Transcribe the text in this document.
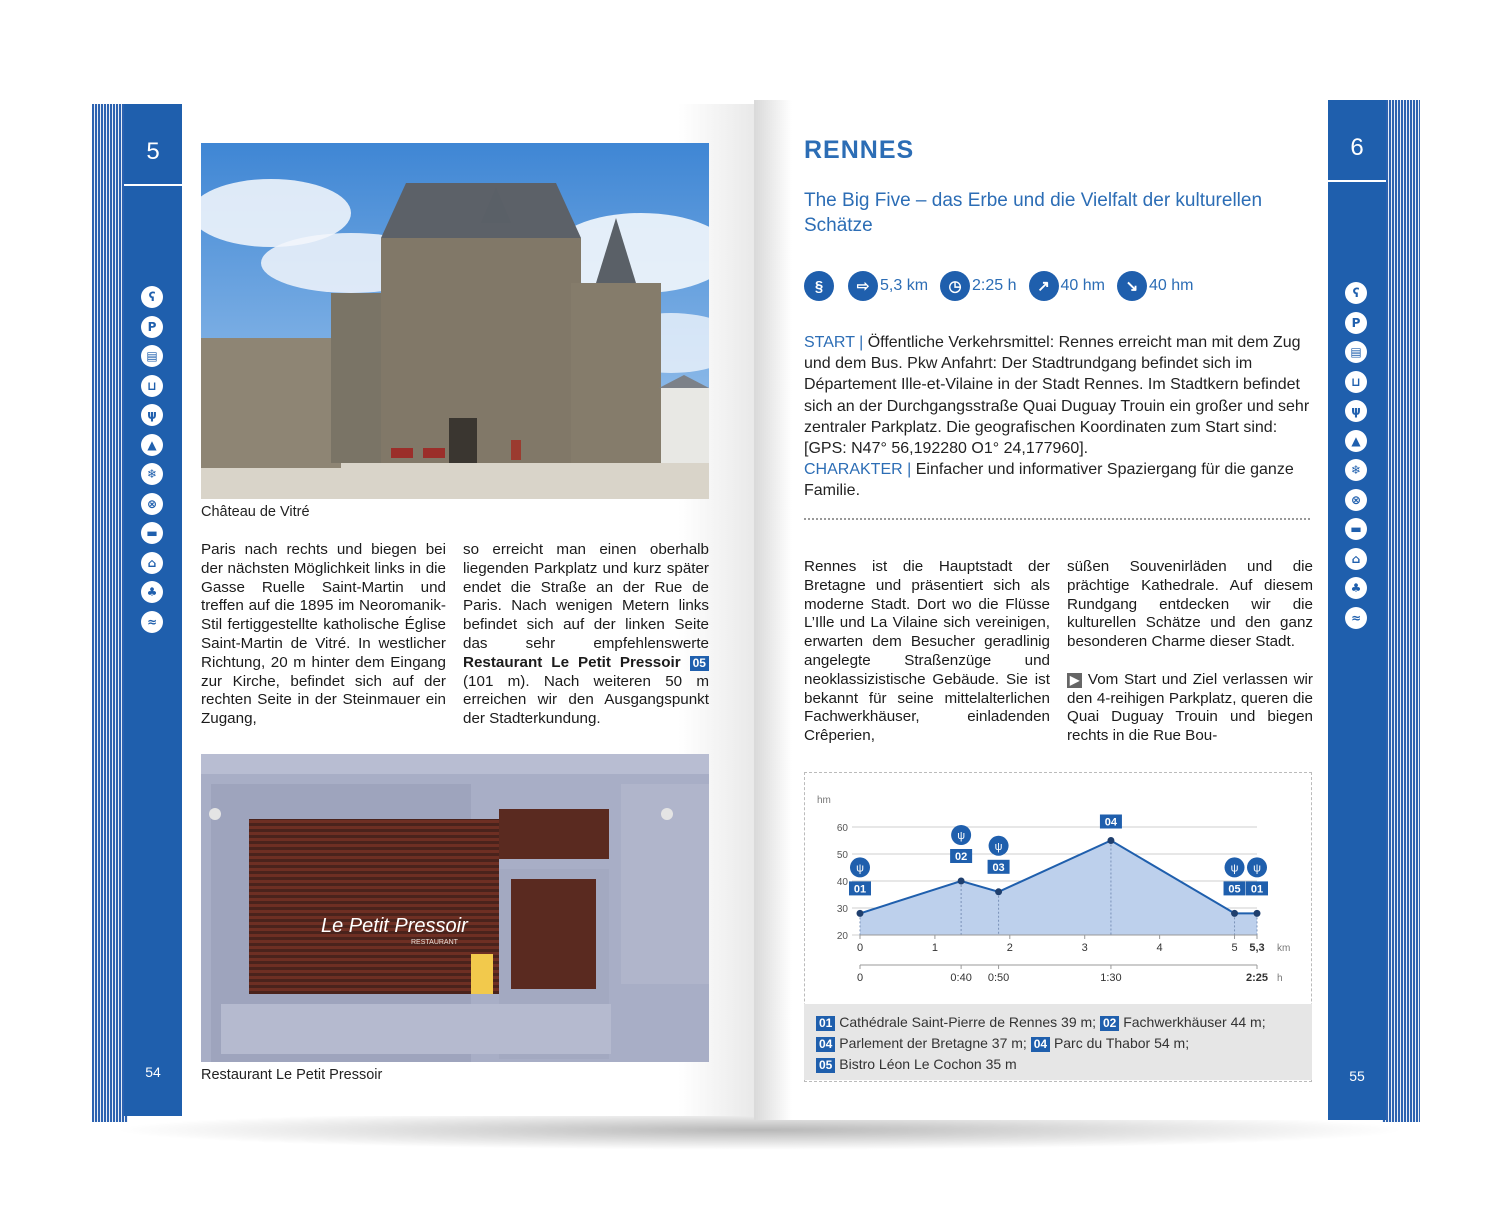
5
ʕ
P
▤
⊔
ψ
▲
❄
⊗
▬
⌂
♣
≈
54
Château de Vitré
Paris nach rechts und biegen bei der nächsten Möglichkeit links in die Gasse Ruelle Saint-Martin und treffen auf die 1895 im Neoromanik-Stil fertiggestellte katholische Église Saint-Martin de Vitré. In westlicher Richtung, 20 m hinter dem Eingang zur Kirche, befindet sich auf der rechten Seite in der Steinmauer ein Zugang,
so erreicht man einen oberhalb liegenden Parkplatz und kurz später endet die Straße an der Rue de Paris. Nach wenigen Metern links befindet sich auf der linken Seite das sehr empfehlenswerte Restaurant Le Petit Pressoir 05 (101 m). Nach weiteren 50 m erreichen wir den Ausgangspunkt der Stadterkundung.
Le Petit Pressoir
RESTAURANT
Restaurant Le Petit Pressoir
6
ʕ
P
▤
⊔
ψ
▲
❄
⊗
▬
⌂
♣
≈
55
RENNES
The Big Five – das Erbe und die Vielfalt der kulturellen Schätze
§	⇨ 5,3 km	◷ 2:25 h	↗ 40 hm	↘ 40 hm
START | Öffentliche Verkehrsmittel: Rennes erreicht man mit dem Zug und dem Bus. Pkw Anfahrt: Der Stadtrundgang befindet sich im Département Ille-et-Vilaine in der Stadt Rennes. Im Stadtkern befindet sich an der Durchgangsstraße Quai Duguay Trouin ein großer und sehr zentraler Parkplatz. Die geografischen Koordinaten zum Start sind: [GPS: N47° 56,192280 O1° 24,177960].
CHARAKTER | Einfacher und informativer Spaziergang für die ganze Familie.
Rennes ist die Hauptstadt der Bretagne und präsentiert sich als moderne Stadt. Dort wo die Flüsse L’Ille und La Vilaine sich vereinigen, erwarten dem Besucher geradlinig angelegte Straßenzüge und neoklassizistische Gebäude. Sie ist bekannt für seine mittelalterlichen Fachwerkhäuser, einladenden Crêperien,
süßen Souvenirläden und die prächtige Kathedrale. Auf diesem Rundgang entdecken wir die kulturellen Schätze und den ganz besonderen Charme dieser Stadt.

▶ Vom Start und Ziel verlassen wir den 4-reihigen Parkplatz, queren die Quai Duguay Trouin und biegen rechts in die Rue Bou-
hm
20
30
40
50
60
01
ψ
02
ψ
03
ψ
04
05
ψ
01
ψ
0	1	2	3	4	5 5,3 km
0	0:40 0:50	1:30	2:25 h
01 Cathédrale Saint-Pierre de Rennes 39 m; 02 Fachwerkhäuser 44 m;
04 Parlement der Bretagne 37 m; 04 Parc du Thabor 54 m;
05 Bistro Léon Le Cochon 35 m
